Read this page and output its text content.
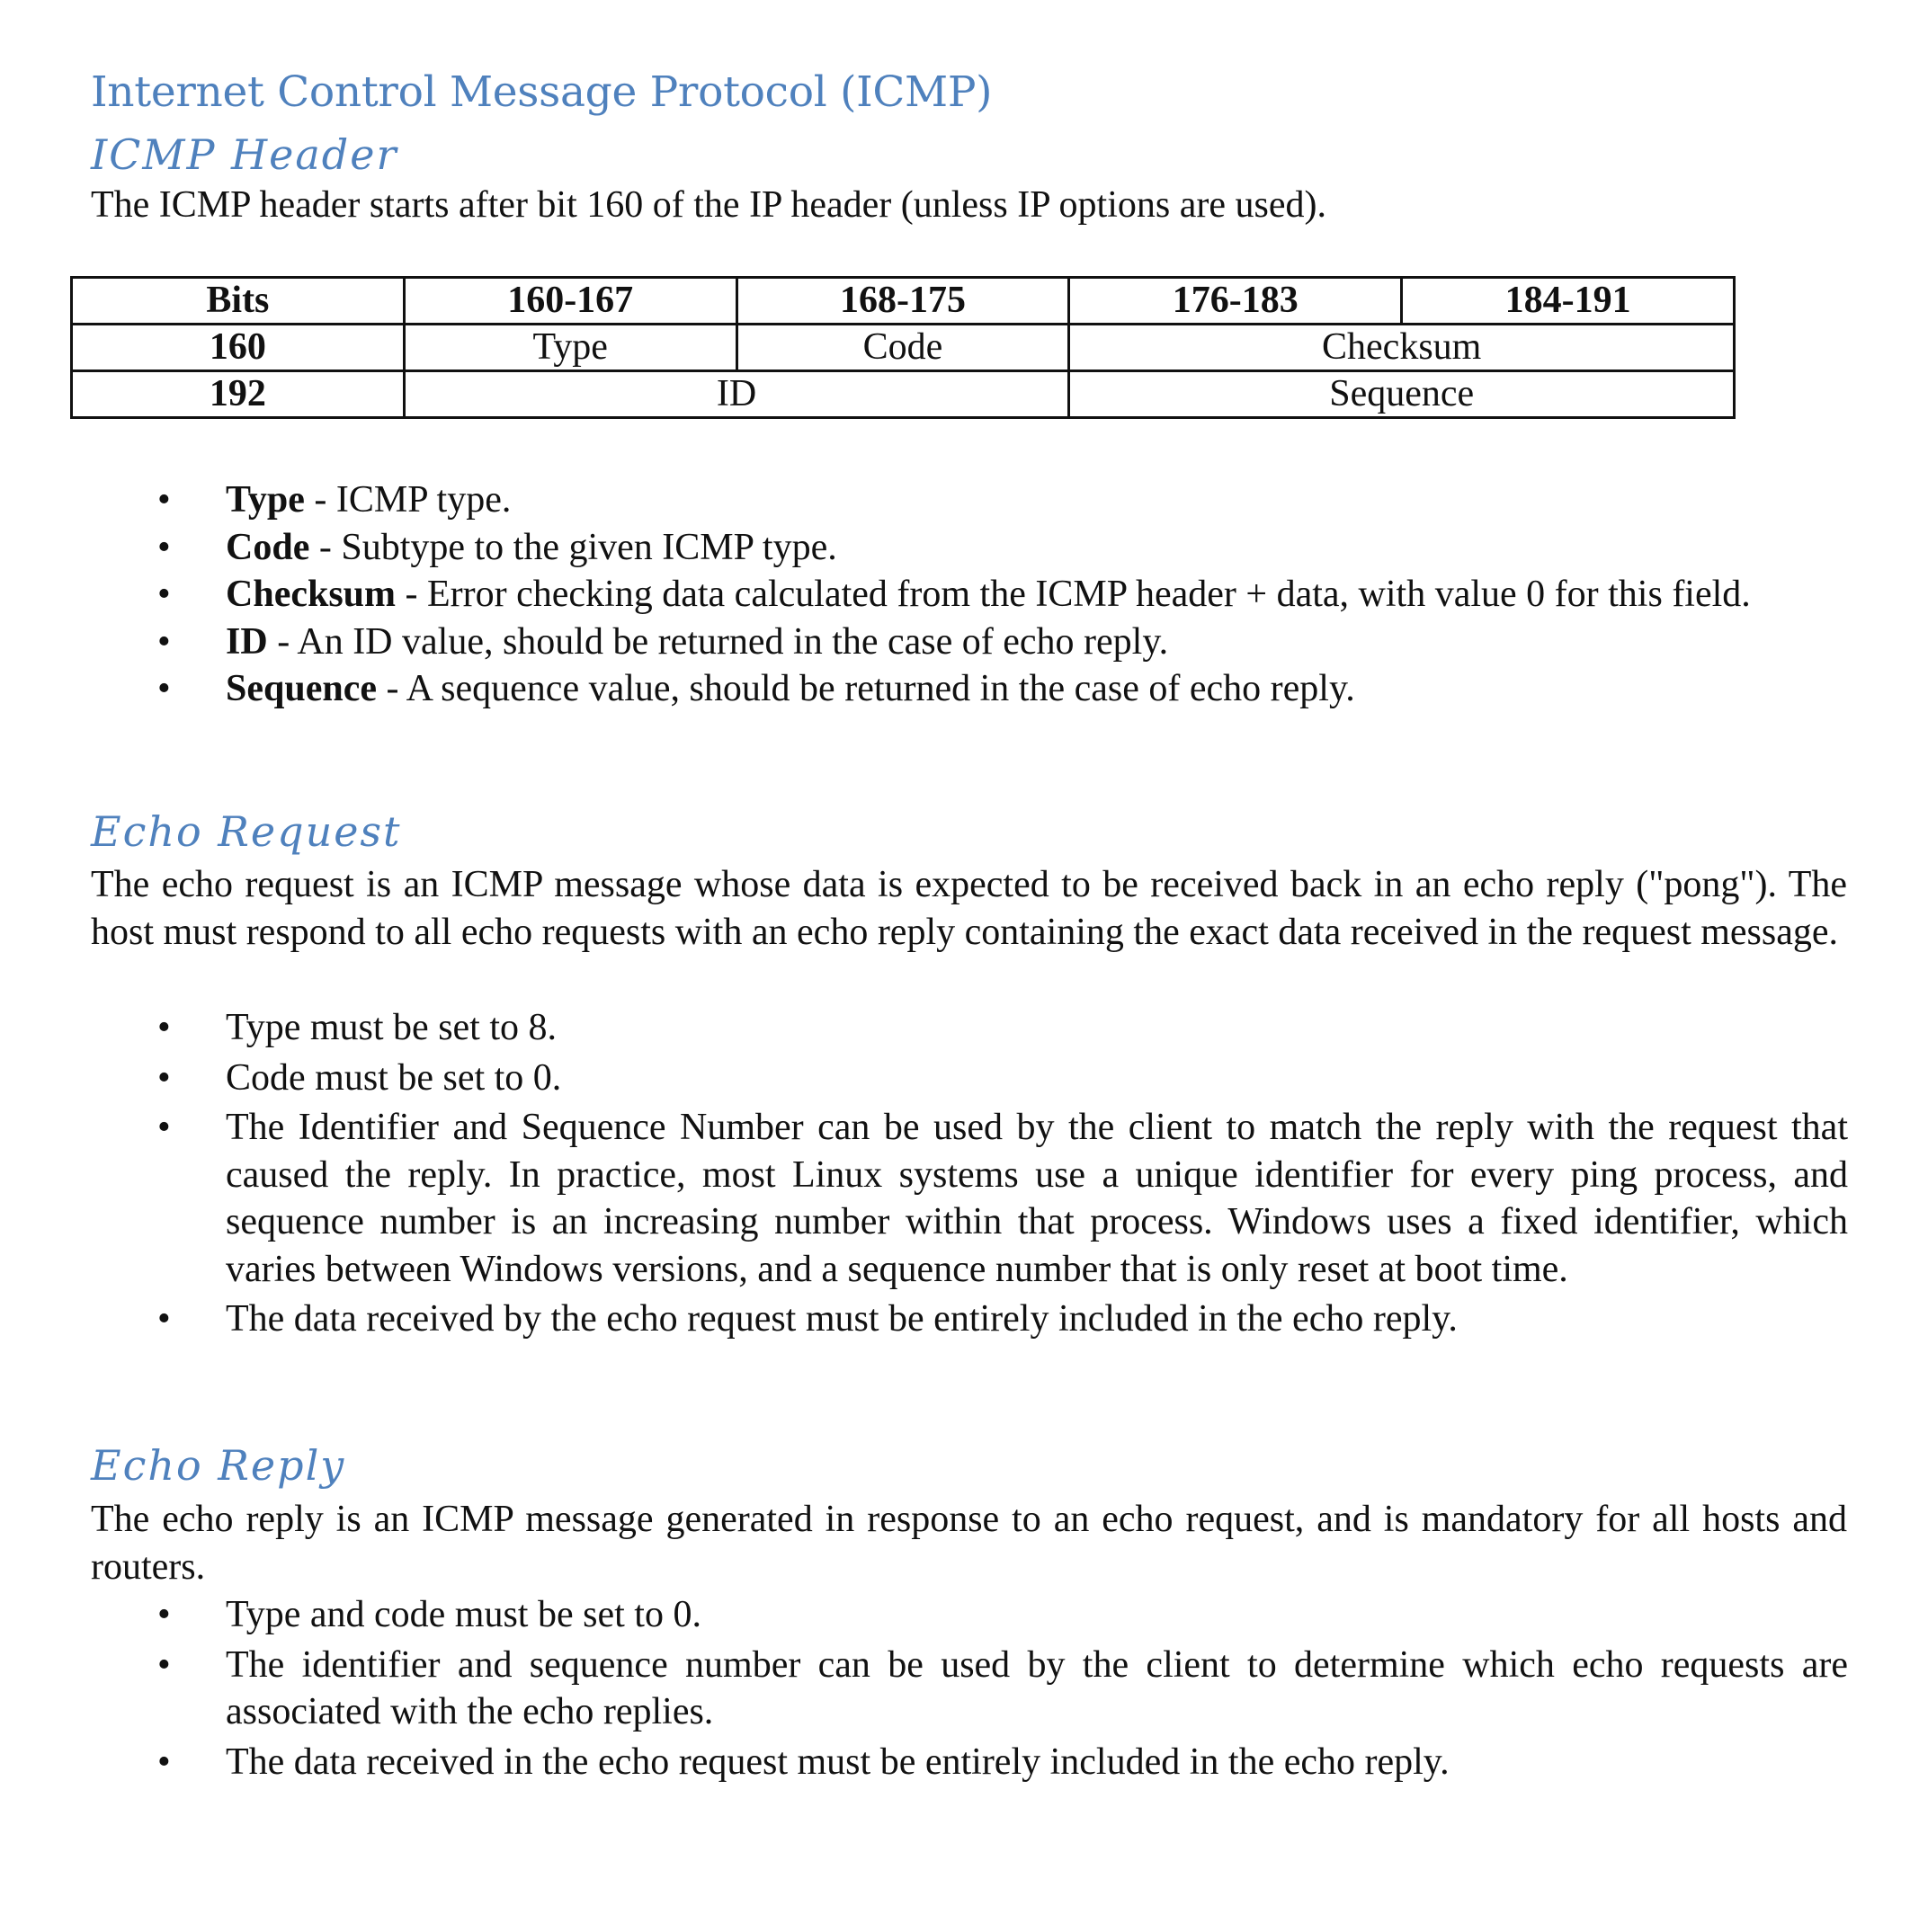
Internet Control Message Protocol (ICMP)
ICMP Header

The ICMP header starts after bit 160 of the IP header (unless IP options are used).

Bits	160-167	168-175	176-183	184-191
160	Type	Code	Checksum	
192	ID		Sequence	
• Type - ICMP type.
• Code - Subtype to the given ICMP type.
• Checksum - Error checking data calculated from the ICMP header + data, with value 0 for this field.
• ID - An ID value, should be returned in the case of echo reply.
• Sequence - A sequence value, should be returned in the case of echo reply.
Echo Request

The echo request is an ICMP message whose data is expected to be received back in an echo reply ("pong"). The host must respond to all echo requests with an echo reply containing the exact data received in the request message.

• Type must be set to 8.
• Code must be set to 0.
• The Identifier and Sequence Number can be used by the client to match the reply with the request that caused the reply. In practice, most Linux systems use a unique identifier for every ping process, and sequence number is an increasing number within that process. Windows uses a fixed identifier, which varies between Windows versions, and a sequence number that is only reset at boot time.
• The data received by the echo request must be entirely included in the echo reply.
Echo Reply

The echo reply is an ICMP message generated in response to an echo request, and is mandatory for all hosts and routers.

• Type and code must be set to 0.
• The identifier and sequence number can be used by the client to determine which echo requests are associated with the echo replies.
• The data received in the echo request must be entirely included in the echo reply.
